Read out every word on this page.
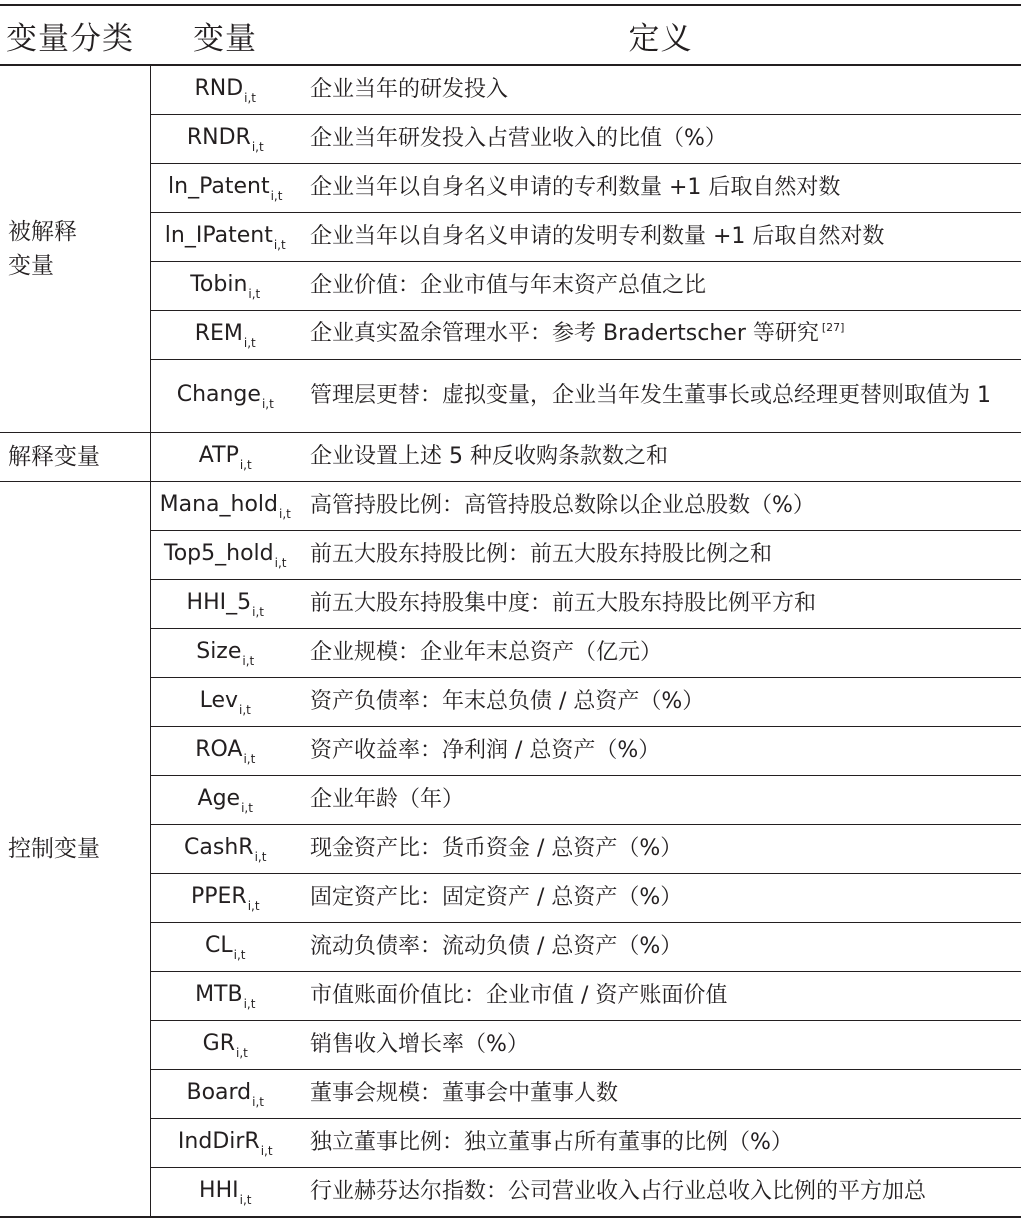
变量分类	变量	定义

被解释变量	$RND_{i,t}$	企业当年的研发投入
	$RNDR_{i,t}$	企业当年研发投入占营业收入的比值（%）
	ln_Patent$_{i,t}$	企业当年以自身名义申请的专利数量 +1 后取自然对数
	ln_IPatent$_{i,t}$	企业当年以自身名义申请的发明专利数量 +1 后取自然对数
	Tobin$_{i,t}$	企业价值：企业市值与年末资产总值之比
	$REM_{i,t}$	企业真实盈余管理水平：参考 Bradertscher 等研究 [27]
	Change$_{i,t}$	管理层更替：虚拟变量，企业当年发生董事长或总经理更替则取值为 1
解释变量	$ATP_{i,t}$	企业设置上述 5 种反收购条款数之和
控制变量	Mana_hold$_{i,t}$	高管持股比例：高管持股总数除以企业总股数（%）
	Top5_hold$_{i,t}$	前五大股东持股比例：前五大股东持股比例之和
	$HHI\_5_{i,t}$	前五大股东持股集中度：前五大股东持股比例平方和
	Size$_{i,t}$	企业规模：企业年末总资产（亿元）
	Lev$_{i,t}$	资产负债率：年末总负债 / 总资产（%）
	$ROA_{i,t}$	资产收益率：净利润 / 总资产（%）
	Age$_{i,t}$	企业年龄（年）
	CashR$_{i,t}$	现金资产比：货币资金 / 总资产（%）
	$PPER_{i,t}$	固定资产比：固定资产 / 总资产（%）
	$CL_{i,t}$	流动负债率：流动负债 / 总资产（%）
	$MTB_{i,t}$	市值账面价值比：企业市值 / 资产账面价值
	$GR_{i,t}$	销售收入增长率（%）
	Board$_{i,t}$	董事会规模：董事会中董事人数
	IndDirR$_{i,t}$	独立董事比例：独立董事占所有董事的比例（%）
	$HHI_{i,t}$	行业赫芬达尔指数：公司营业收入占行业总收入比例的平方加总
